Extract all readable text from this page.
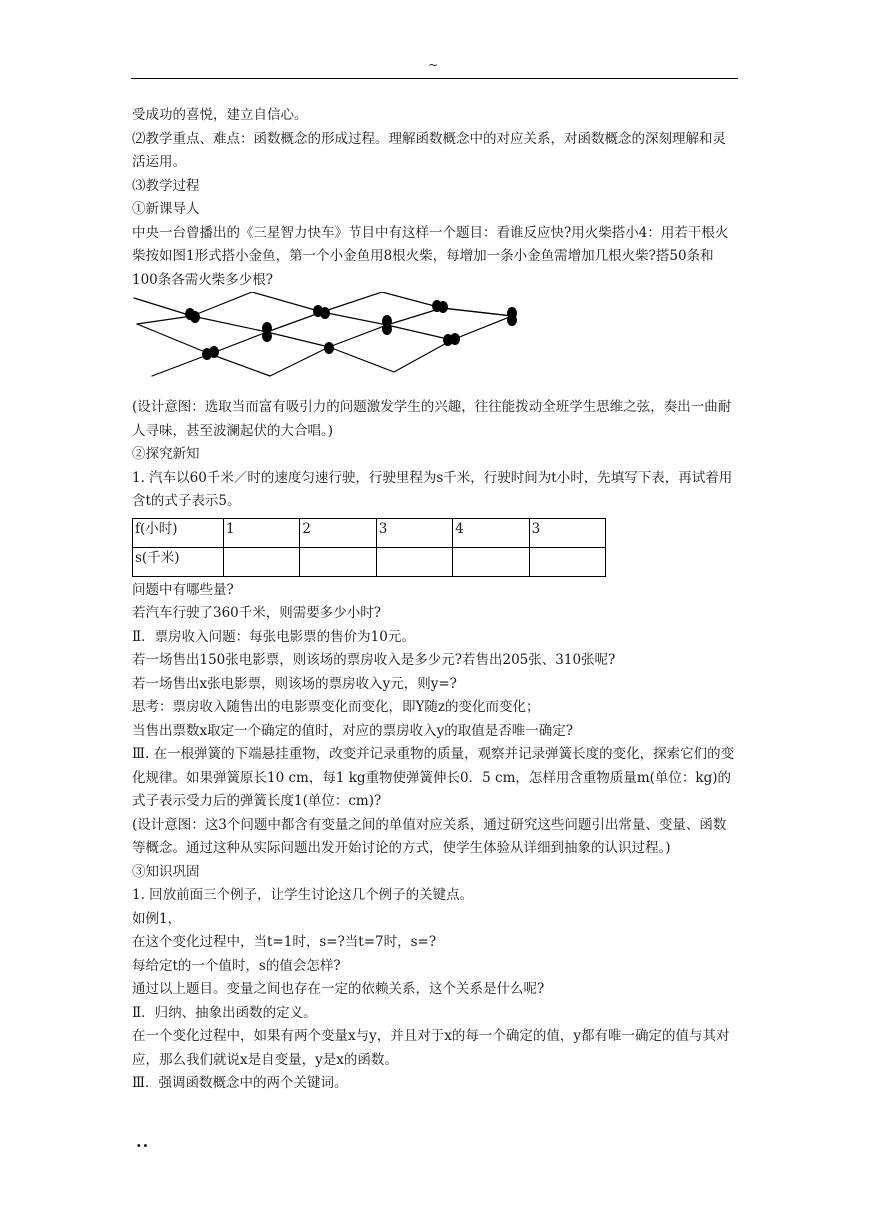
~

受成功的喜悦，建立自信心。

⑵教学重点、难点：函数概念的形成过程。理解函数概念中的对应关系，对函数概念的深刻理解和灵活运用。

⑶教学过程

①新课导人

中央一台曾播出的《三星智力快车》节目中有这样一个题目：看谁反应快?用火柴搭小4：用若干根火柴按如图1形式搭小金鱼，第一个小金鱼用8根火柴，每增加一条小金鱼需增加几根火柴?搭50条和100条各需火柴多少根?

(设计意图：选取当而富有吸引力的问题激发学生的兴趣，往往能拨动全班学生思维之弦，奏出一曲耐人寻味，甚至波澜起伏的大合唱。)

②探究新知

1. 汽车以60千米／时的速度匀速行驶，行驶里程为s千米，行驶时间为t小时，先填写下表，再试着用含t的式子表示5。

f(小时)	1	2	3	4	3
s(千米)					

问题中有哪些量?

若汽车行驶了360千米，则需要多少小时?

Ⅱ．票房收入问题：每张电影票的售价为10元。

若一场售出150张电影票，则该场的票房收入是多少元?若售出205张、310张呢?

若一场售出x张电影票，则该场的票房收入y元，则y=?

思考：票房收入随售出的电影票变化而变化，即Y随z的变化而变化；

当售出票数x取定一个确定的值时，对应的票房收入y的取值是否唯一确定?

Ⅲ. 在一根弹簧的下端悬挂重物，改变并记录重物的质量，观察并记录弹簧长度的变化，探索它们的变化规律。如果弹簧原长10 cm，每1 kg重物使弹簧伸长0．5 cm，怎样用含重物质量m(单位：kg)的式子表示受力后的弹簧长度1(单位：cm)?

(设计意图：这3个问题中都含有变量之间的单值对应关系，通过研究这些问题引出常量、变量、函数等概念。通过这种从实际问题出发开始讨论的方式，使学生体验从详细到抽象的认识过程。)

③知识巩固

1. 回放前面三个例子，让学生讨论这几个例子的关键点。

如例1，

在这个变化过程中，当t=1时，s=?当t=7时，s=?

每给定t的一个值时，s的值会怎样?

通过以上题目。变量之间也存在一定的依赖关系，这个关系是什么呢?

Ⅱ．归纳、抽象出函数的定义。

在一个变化过程中，如果有两个变量x与y，并且对于x的每一个确定的值，y都有唯一确定的值与其对应，那么我们就说x是自变量，y是x的函数。

Ⅲ．强调函数概念中的两个关键词。

··
